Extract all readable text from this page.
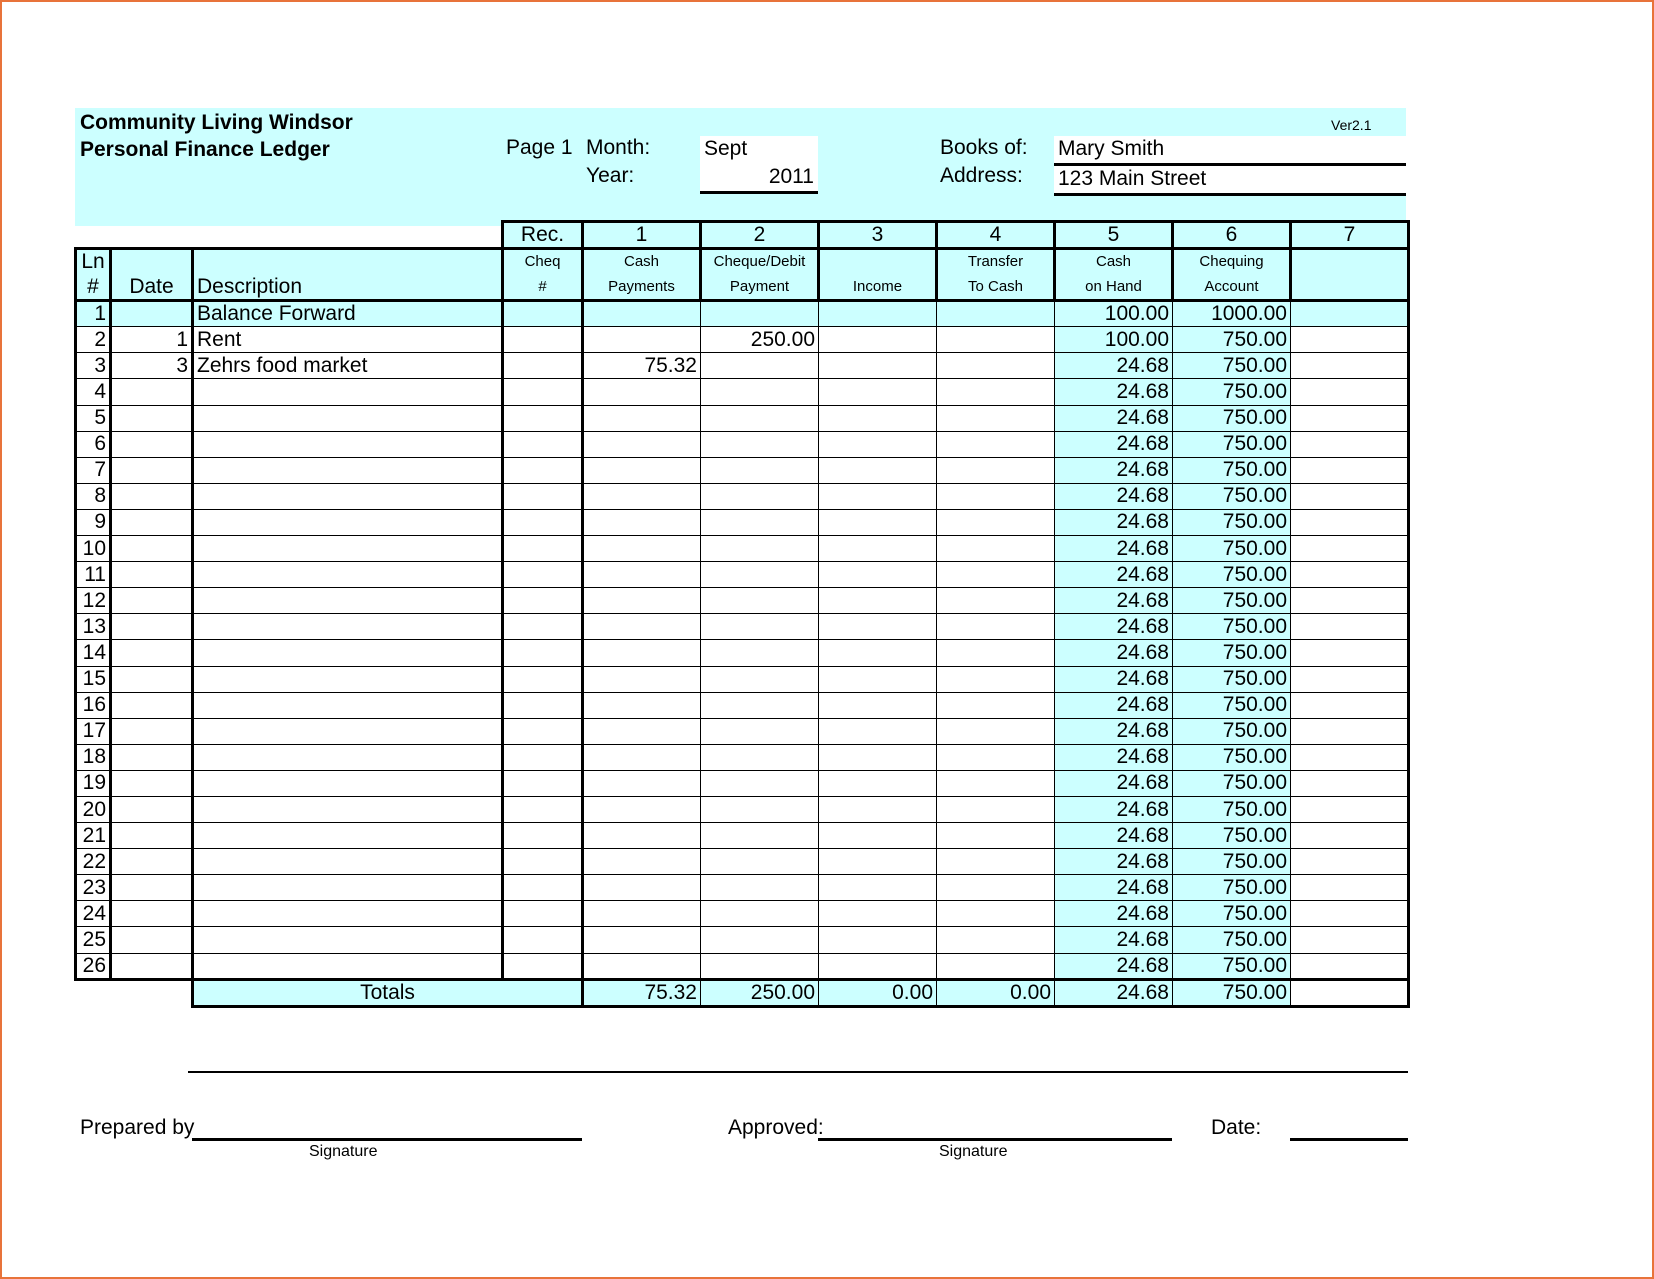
Community Living Windsor
Personal Finance Ledger
Ver2.1
Page 1 Month:	Sept
Year:	2011
Books of: Mary Smith
Address: 123 Main Street
			Rec.	1	2	3	4	5	6	7
Ln			Cheq	Cash	Cheque/Debit		Transfer	Cash	Chequing	
#	Date	Description	#	Payments	Payment	Income	To Cash	on Hand	Account	
1		Balance Forward						100.00	1000.00	
2	1	Rent			250.00			100.00	750.00	
3	3	Zehrs food market		75.32				24.68	750.00	
4								24.68	750.00	
5								24.68	750.00	
6								24.68	750.00	
7								24.68	750.00	
8								24.68	750.00	
9								24.68	750.00	
10								24.68	750.00	
11								24.68	750.00	
12								24.68	750.00	
13								24.68	750.00	
14								24.68	750.00	
15								24.68	750.00	
16								24.68	750.00	
17								24.68	750.00	
18								24.68	750.00	
19								24.68	750.00	
20								24.68	750.00	
21								24.68	750.00	
22								24.68	750.00	
23								24.68	750.00	
24								24.68	750.00	
25								24.68	750.00	
26								24.68	750.00	
		Totals		75.32	250.00	0.00	0.00	24.68	750.00	
Prepared by
Signature
Approved:
Signature
Date:
